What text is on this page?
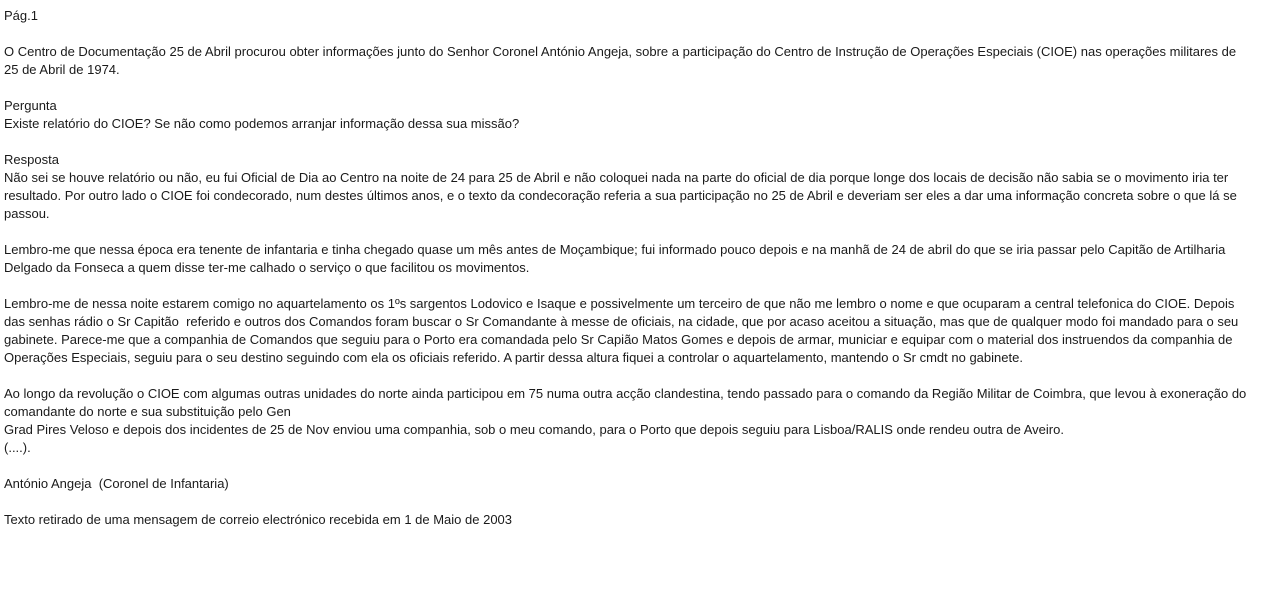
Pág.1

O Centro de Documentação 25 de Abril procurou obter informações junto do Senhor Coronel António Angeja, sobre a participação do Centro de Instrução de Operações Especiais (CIOE) nas operações militares de 25 de Abril de 1974.

Pergunta

Existe relatório do CIOE? Se não como podemos arranjar informação dessa sua missão?

Resposta

Não sei se houve relatório ou não, eu fui Oficial de Dia ao Centro na noite de 24 para 25 de Abril e não coloquei nada na parte do oficial de dia porque longe dos locais de decisão não sabia se o movimento iria ter resultado. Por outro lado o CIOE foi condecorado, num destes últimos anos, e o texto da condecoração referia a sua participação no 25 de Abril e deveriam ser eles a dar uma informação concreta sobre o que lá se passou.

Lembro-me que nessa época era tenente de infantaria e tinha chegado quase um mês antes de Moçambique; fui informado pouco depois e na manhã de 24 de abril do que se iria passar pelo Capitão de Artilharia Delgado da Fonseca a quem disse ter-me calhado o serviço o que facilitou os movimentos.

Lembro-me de nessa noite estarem comigo no aquartelamento os 1ºs sargentos Lodovico e Isaque e possivelmente um terceiro de que não me lembro o nome e que ocuparam a central telefonica do CIOE. Depois das senhas rádio o Sr Capitão  referido e outros dos Comandos foram buscar o Sr Comandante à messe de oficiais, na cidade, que por acaso aceitou a situação, mas que de qualquer modo foi mandado para o seu gabinete. Parece-me que a companhia de Comandos que seguiu para o Porto era comandada pelo Sr Capião Matos Gomes e depois de armar, municiar e equipar com o material dos instruendos da companhia de Operações Especiais, seguiu para o seu destino seguindo com ela os oficiais referido. A partir dessa altura fiquei a controlar o aquartelamento, mantendo o Sr cmdt no gabinete.

Ao longo da revolução o CIOE com algumas outras unidades do norte ainda participou em 75 numa outra acção clandestina, tendo passado para o comando da Região Militar de Coimbra, que levou à exoneração do comandante do norte e sua substituição pelo Gen

Grad Pires Veloso e depois dos incidentes de 25 de Nov enviou uma companhia, sob o meu comando, para o Porto que depois seguiu para Lisboa/RALIS onde rendeu outra de Aveiro.

(....).

António Angeja  (Coronel de Infantaria)

Texto retirado de uma mensagem de correio electrónico recebida em 1 de Maio de 2003
